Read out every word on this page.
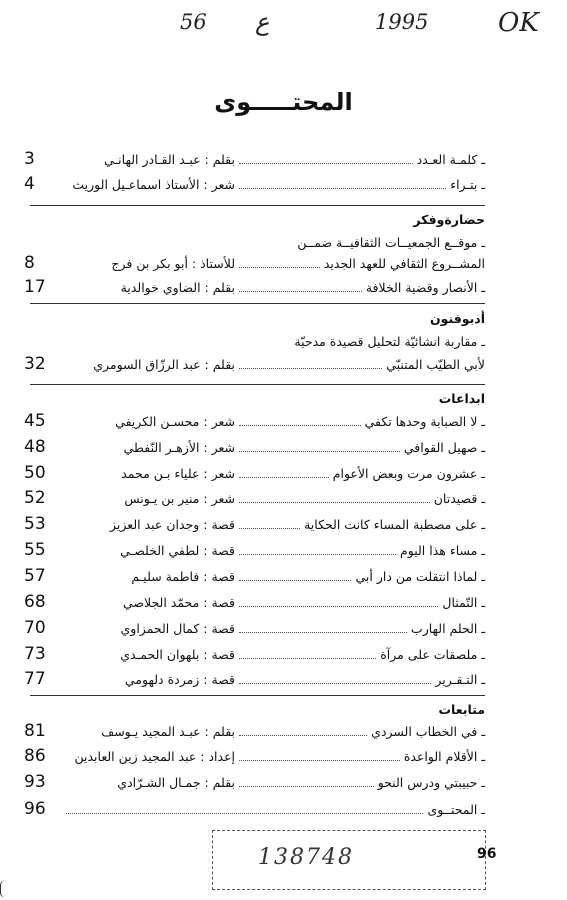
OK
1995
ع
56
المحتـــــوى
حضارةوفكر
أدبوفنون
ابداعات
متابعات
ـ كلمـة العـدد
بقلم : عبـد القـادر الهانـي
3
ـ بتـراء
شعر : الأستاذ اسماعـيل الوريث
4
ـ موقــع الجمعيــات الثقافيــة ضمــن
المشــروع الثقافي للعهد الجديد
للأستاذ : أبو بكر بن فرج
8
ـ الأنصار وقضية الخلافة
بقلم : الضاوي خوالدية
17
ـ مقاربة انشائيّة لتحليل قصيدة مدحيّة
لأبي الطيّب المتنبّي
بقلم : عبد الرزّاق السومري
32
ـ لا الصبابة وحدها تكفي
شعر : محسـن الكريفي
45
ـ صهيل القوافي
شعر : الأزهـر النّفطي
48
ـ عشرون مرت وبعض الأعوام
شعر : علياء بـن محمد
50
ـ قصيدتان
شعر : منير بن يـونس
52
ـ على مصطبة المساء كانت الحكاية
قصة : وجدان عبد العزيز
53
ـ مساء هذا اليوم
قصة : لطفي الخلصـي
55
ـ لماذا انتقلت من دار أبي
قصة : فاطمة سليـم
57
ـ التّمثال
قصة : محمّد الجلاصي
68
ـ الحلم الهارب
قصة : كمال الحمزاوي
70
ـ ملصقات على مرآة
قصة : بلهوان الحمـدي
73
ـ التـقـرير
قصة : زمردة دلهومي
77
ـ في الخطاب السردي
بقلم : عبـد المجيد يـوسف
81
ـ الأقلام الواعدة
إعداد : عبد المجيد زين العابدين
86
ـ حبيبتي ودرس النحو
بقلم : جمـال الشـرّادي
93
ـ المحتــوى
96
138748	96
